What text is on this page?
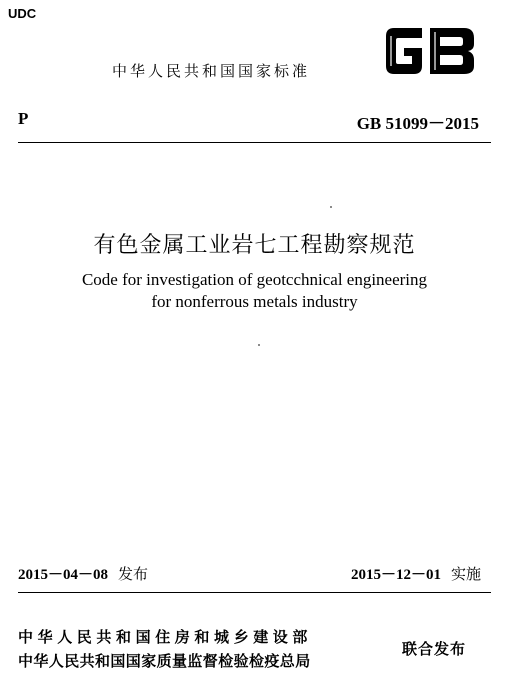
UDC
中华人民共和国国家标准
P	GB 51099－2015
有色金属工业岩七工程勘察规范
Code for investigation of geotcchnical engineering
for nonferrous metals industry
2015－04－08 发布	2015－12－01 实施
中华人民共和国住房和城乡建设部
中华人民共和国国家质量监督检验检疫总局
联合发布
